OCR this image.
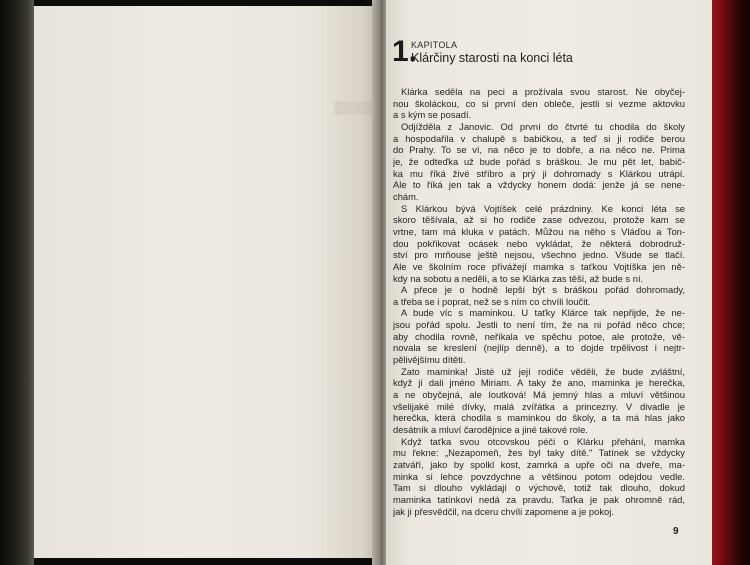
1.
KAPITOLA
Klárčiny starosti na konci léta
Klárka seděla na peci a prožívala svou starost. Ne obyčej-
nou školáckou, co si první den obleče, jestli si vezme aktovku
a s kým se posadí.
Odjížděla z Janovic. Od první do čtvrté tu chodila do školy
a hospodařila v chalupě s babičkou, a teď si ji rodiče berou
do Prahy. To se ví, na něco je to dobře, a na něco ne. Prima
je, že odteďka už bude pořád s bráškou. Je mu pět let, babič-
ka mu říká živé stříbro a prý ji dohromady s Klárkou utrápí.
Ale to říká jen tak a vždycky honem dodá: jenže já se nene-
chám.
S Klárkou bývá Vojtíšek celé prázdniny. Ke konci léta se
skoro těšívala, až si ho rodiče zase odvezou, protože kam se
vrtne, tam má kluka v patách. Můžou na něho s Vláďou a Ton-
dou pokřikovat ocásek nebo vykládat, že některá dobrodruž-
ství pro mrňouse ještě nejsou, všechno jedno. Všude se tlačí.
Ale ve školním roce přivážejí mamka s taťkou Vojtíška jen ně-
kdy na sobotu a neděli, a to se Klárka zas těší, až bude s ní.
A přece je o hodně lepší být s bráškou pořád dohromady,
a třeba se i poprat, než se s ním co chvíli loučit.
A bude víc s maminkou. U taťky Klárce tak nepřijde, že ne-
jsou pořád spolu. Jestli to není tím, že na ni pořád něco chce;
aby chodila rovně, neříkala ve spěchu potoe, ale protože, vě-
novala se kreslení (nejlíp denně), a to dojde trpělivost i nejtr-
pělivějšímu dítěti.
Zato maminka! Jisté už její rodiče věděli, že bude zvláštní,
když jí dali jméno Miriam. A taky že ano, maminka je herečka,
a ne obyčejná, ale loutková! Má jemný hlas a mluví většinou
všelijaké milé dívky, malá zvířátka a princezny. V divadle je
herečka, která chodila s maminkou do školy, a ta má hlas jako
desátník a mluví čarodějnice a jiné takové role.
Když taťka svou otcovskou péči o Klárku přehání, mamka
mu řekne: „Nezapomeň, žes byl taky dítě." Tatínek se vždycky
zatváří, jako by spolkl kost, zamrká a upře oči na dveře, ma-
minka si lehce povzdychne a většinou potom odejdou vedle.
Tam si dlouho vykládají o výchově, totiž tak dlouho, dokud
maminka tatínkovi nedá za pravdu. Taťka je pak ohromně rád,
jak ji přesvědčil, na dceru chvíli zapomene a je pokoj.
9
